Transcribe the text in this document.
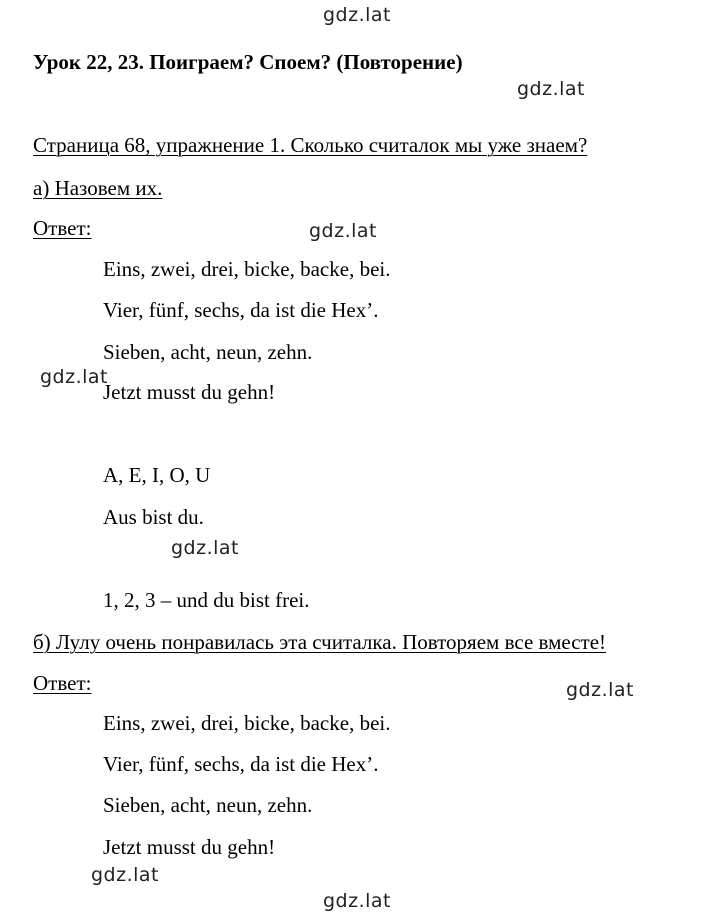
gdz.lat
gdz.lat
gdz.lat
gdz.lat
gdz.lat
gdz.lat
gdz.lat
gdz.lat
Урок 22, 23. Поиграем? Споем? (Повторение)
Страница 68, упражнение 1. Сколько считалок мы уже знаем?
а) Назовем их.
Ответ:
Eins, zwei, drei, bicke, backe, bei.
Vier, fünf, sechs, da ist die Hex’.
Sieben, acht, neun, zehn.
Jetzt musst du gehn!
A, E, I, O, U
Aus bist du.
1, 2, 3 – und du bist frei.
б) Лулу очень понравилась эта считалка. Повторяем все вместе!
Ответ:
Eins, zwei, drei, bicke, backe, bei.
Vier, fünf, sechs, da ist die Hex’.
Sieben, acht, neun, zehn.
Jetzt musst du gehn!
